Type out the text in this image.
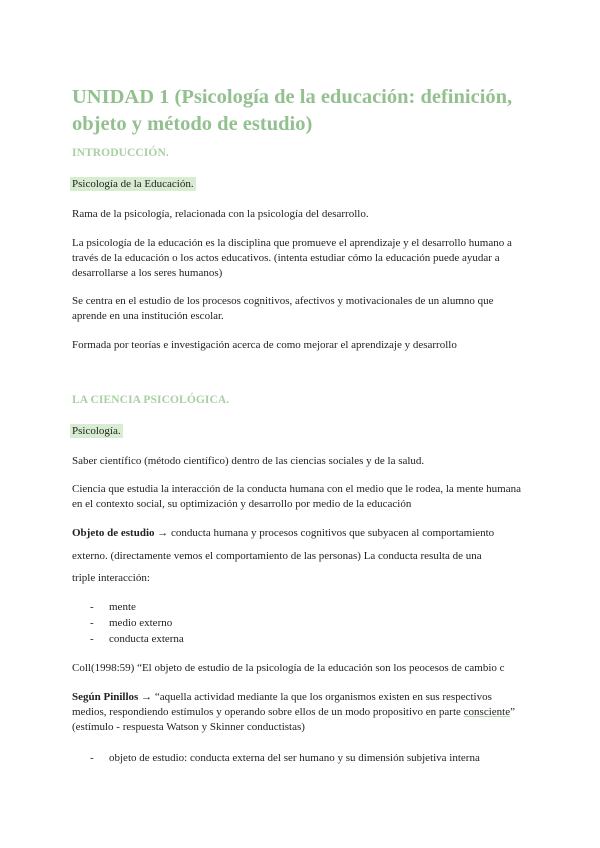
UNIDAD 1 (Psicología de la educación: definición, objeto y método de estudio)
INTRODUCCIÓN.
Psicología de la Educación.
Rama de la psicología, relacionada con la psicología del desarrollo.
La psicología de la educación es la disciplina que promueve el aprendizaje y el desarrollo humano a
través de la educación o los actos educativos. (intenta estudiar cómo la educación puede ayudar a
desarrollarse a los seres humanos)
Se centra en el estudio de los procesos cognitivos, afectivos y motivacionales de un alumno que
aprende en una institución escolar.
Formada por teorías e investigación acerca de como mejorar el aprendizaje y desarrollo
LA CIENCIA PSICOLÓGICA.
Psicología.
Saber científico (método científico) dentro de las ciencias sociales y de la salud.
Ciencia que estudia la interacción de la conducta humana con el medio que le rodea, la mente humana
en el contexto social, su optimización y desarrollo por medio de la educación
Objeto de estudio → conducta humana y procesos cognitivos que subyacen al comportamiento
externo. (directamente vemos el comportamiento de las personas) La conducta resulta de una
triple interacción:
- mente
- medio externo
- conducta externa
Coll(1998:59) “El objeto de estudio de la psicología de la educación son los peocesos de cambio c
Según Pinillos → “aquella actividad mediante la que los organismos existen en sus respectivos
medios, respondiendo estímulos y operando sobre ellos de un modo propositivo en parte consciente”
(estímulo - respuesta Watson y Skinner conductistas)
- objeto de estudio: conducta externa del ser humano y su dimensión subjetiva interna
